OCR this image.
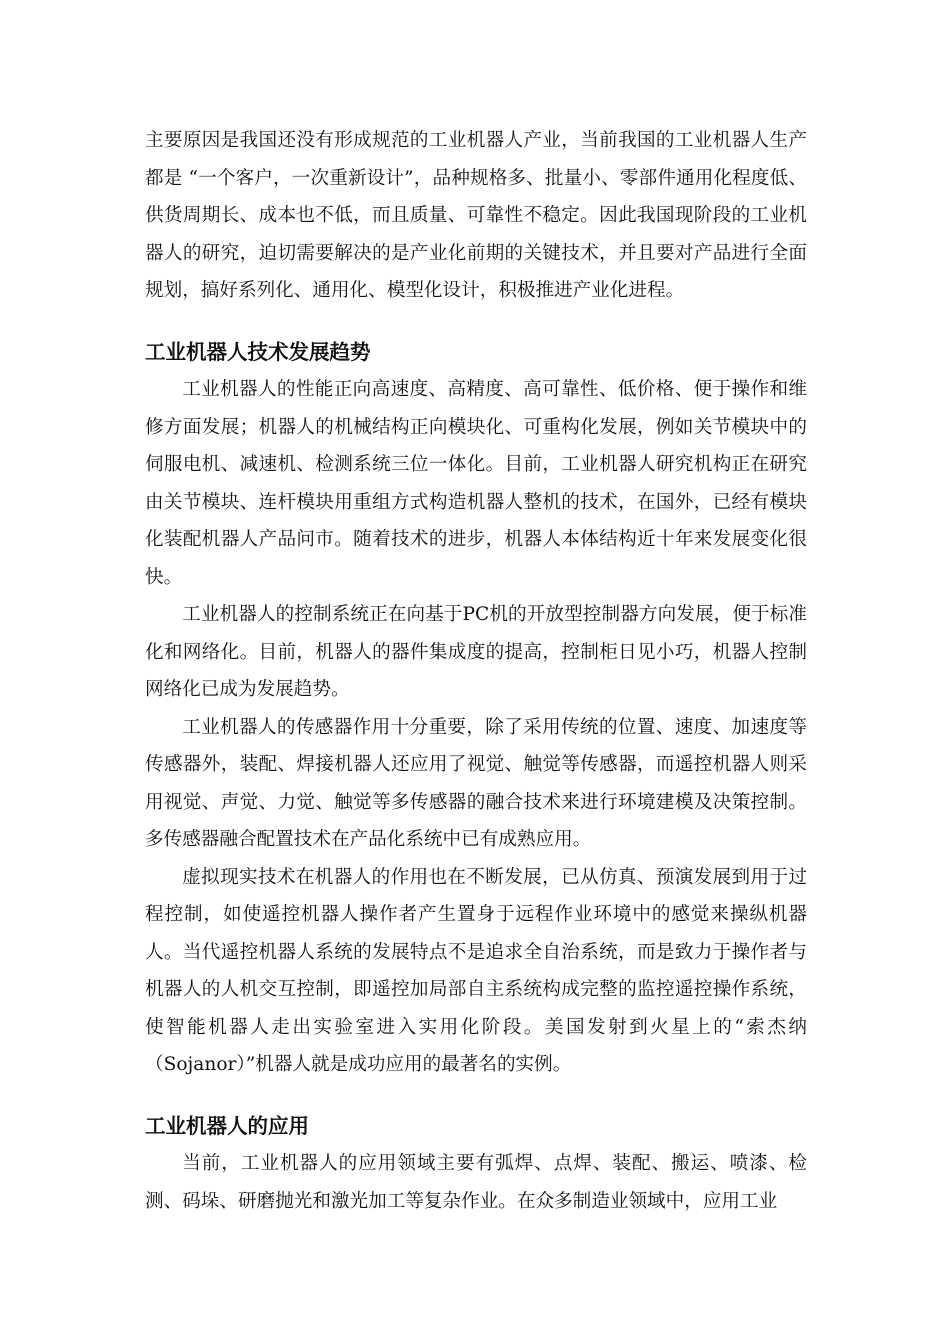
主要原因是我国还没有形成规范的工业机器人产业，当前我国的工业机器人生产都是 “一个客户，一次重新设计”，品种规格多、批量小、零部件通用化程度低、供货周期长、成本也不低，而且质量、可靠性不稳定。因此我国现阶段的工业机器人的研究，迫切需要解决的是产业化前期的关键技术，并且要对产品进行全面规划，搞好系列化、通用化、模型化设计，积极推进产业化进程。

工业机器人技术发展趋势

工业机器人的性能正向高速度、高精度、高可靠性、低价格、便于操作和维修方面发展；机器人的机械结构正向模块化、可重构化发展，例如关节模块中的伺服电机、减速机、检测系统三位一体化。目前，工业机器人研究机构正在研究由关节模块、连杆模块用重组方式构造机器人整机的技术，在国外，已经有模块化装配机器人产品问市。随着技术的进步，机器人本体结构近十年来发展变化很快。

工业机器人的控制系统正在向基于PC机的开放型控制器方向发展，便于标准化和网络化。目前，机器人的器件集成度的提高，控制柜日见小巧，机器人控制网络化已成为发展趋势。

工业机器人的传感器作用十分重要，除了采用传统的位置、速度、加速度等传感器外，装配、焊接机器人还应用了视觉、触觉等传感器，而遥控机器人则采用视觉、声觉、力觉、触觉等多传感器的融合技术来进行环境建模及决策控制。多传感器融合配置技术在产品化系统中已有成熟应用。

虚拟现实技术在机器人的作用也在不断发展，已从仿真、预演发展到用于过程控制，如使遥控机器人操作者产生置身于远程作业环境中的感觉来操纵机器人。当代遥控机器人系统的发展特点不是追求全自治系统，而是致力于操作者与机器人的人机交互控制，即遥控加局部自主系统构成完整的监控遥控操作系统，使智能机器人走出实验室进入实用化阶段。美国发射到火星上的“索杰纳（Sojanor）”机器人就是成功应用的最著名的实例。

工业机器人的应用

当前，工业机器人的应用领域主要有弧焊、点焊、装配、搬运、喷漆、检测、码垛、研磨抛光和激光加工等复杂作业。在众多制造业领域中，应用工业
